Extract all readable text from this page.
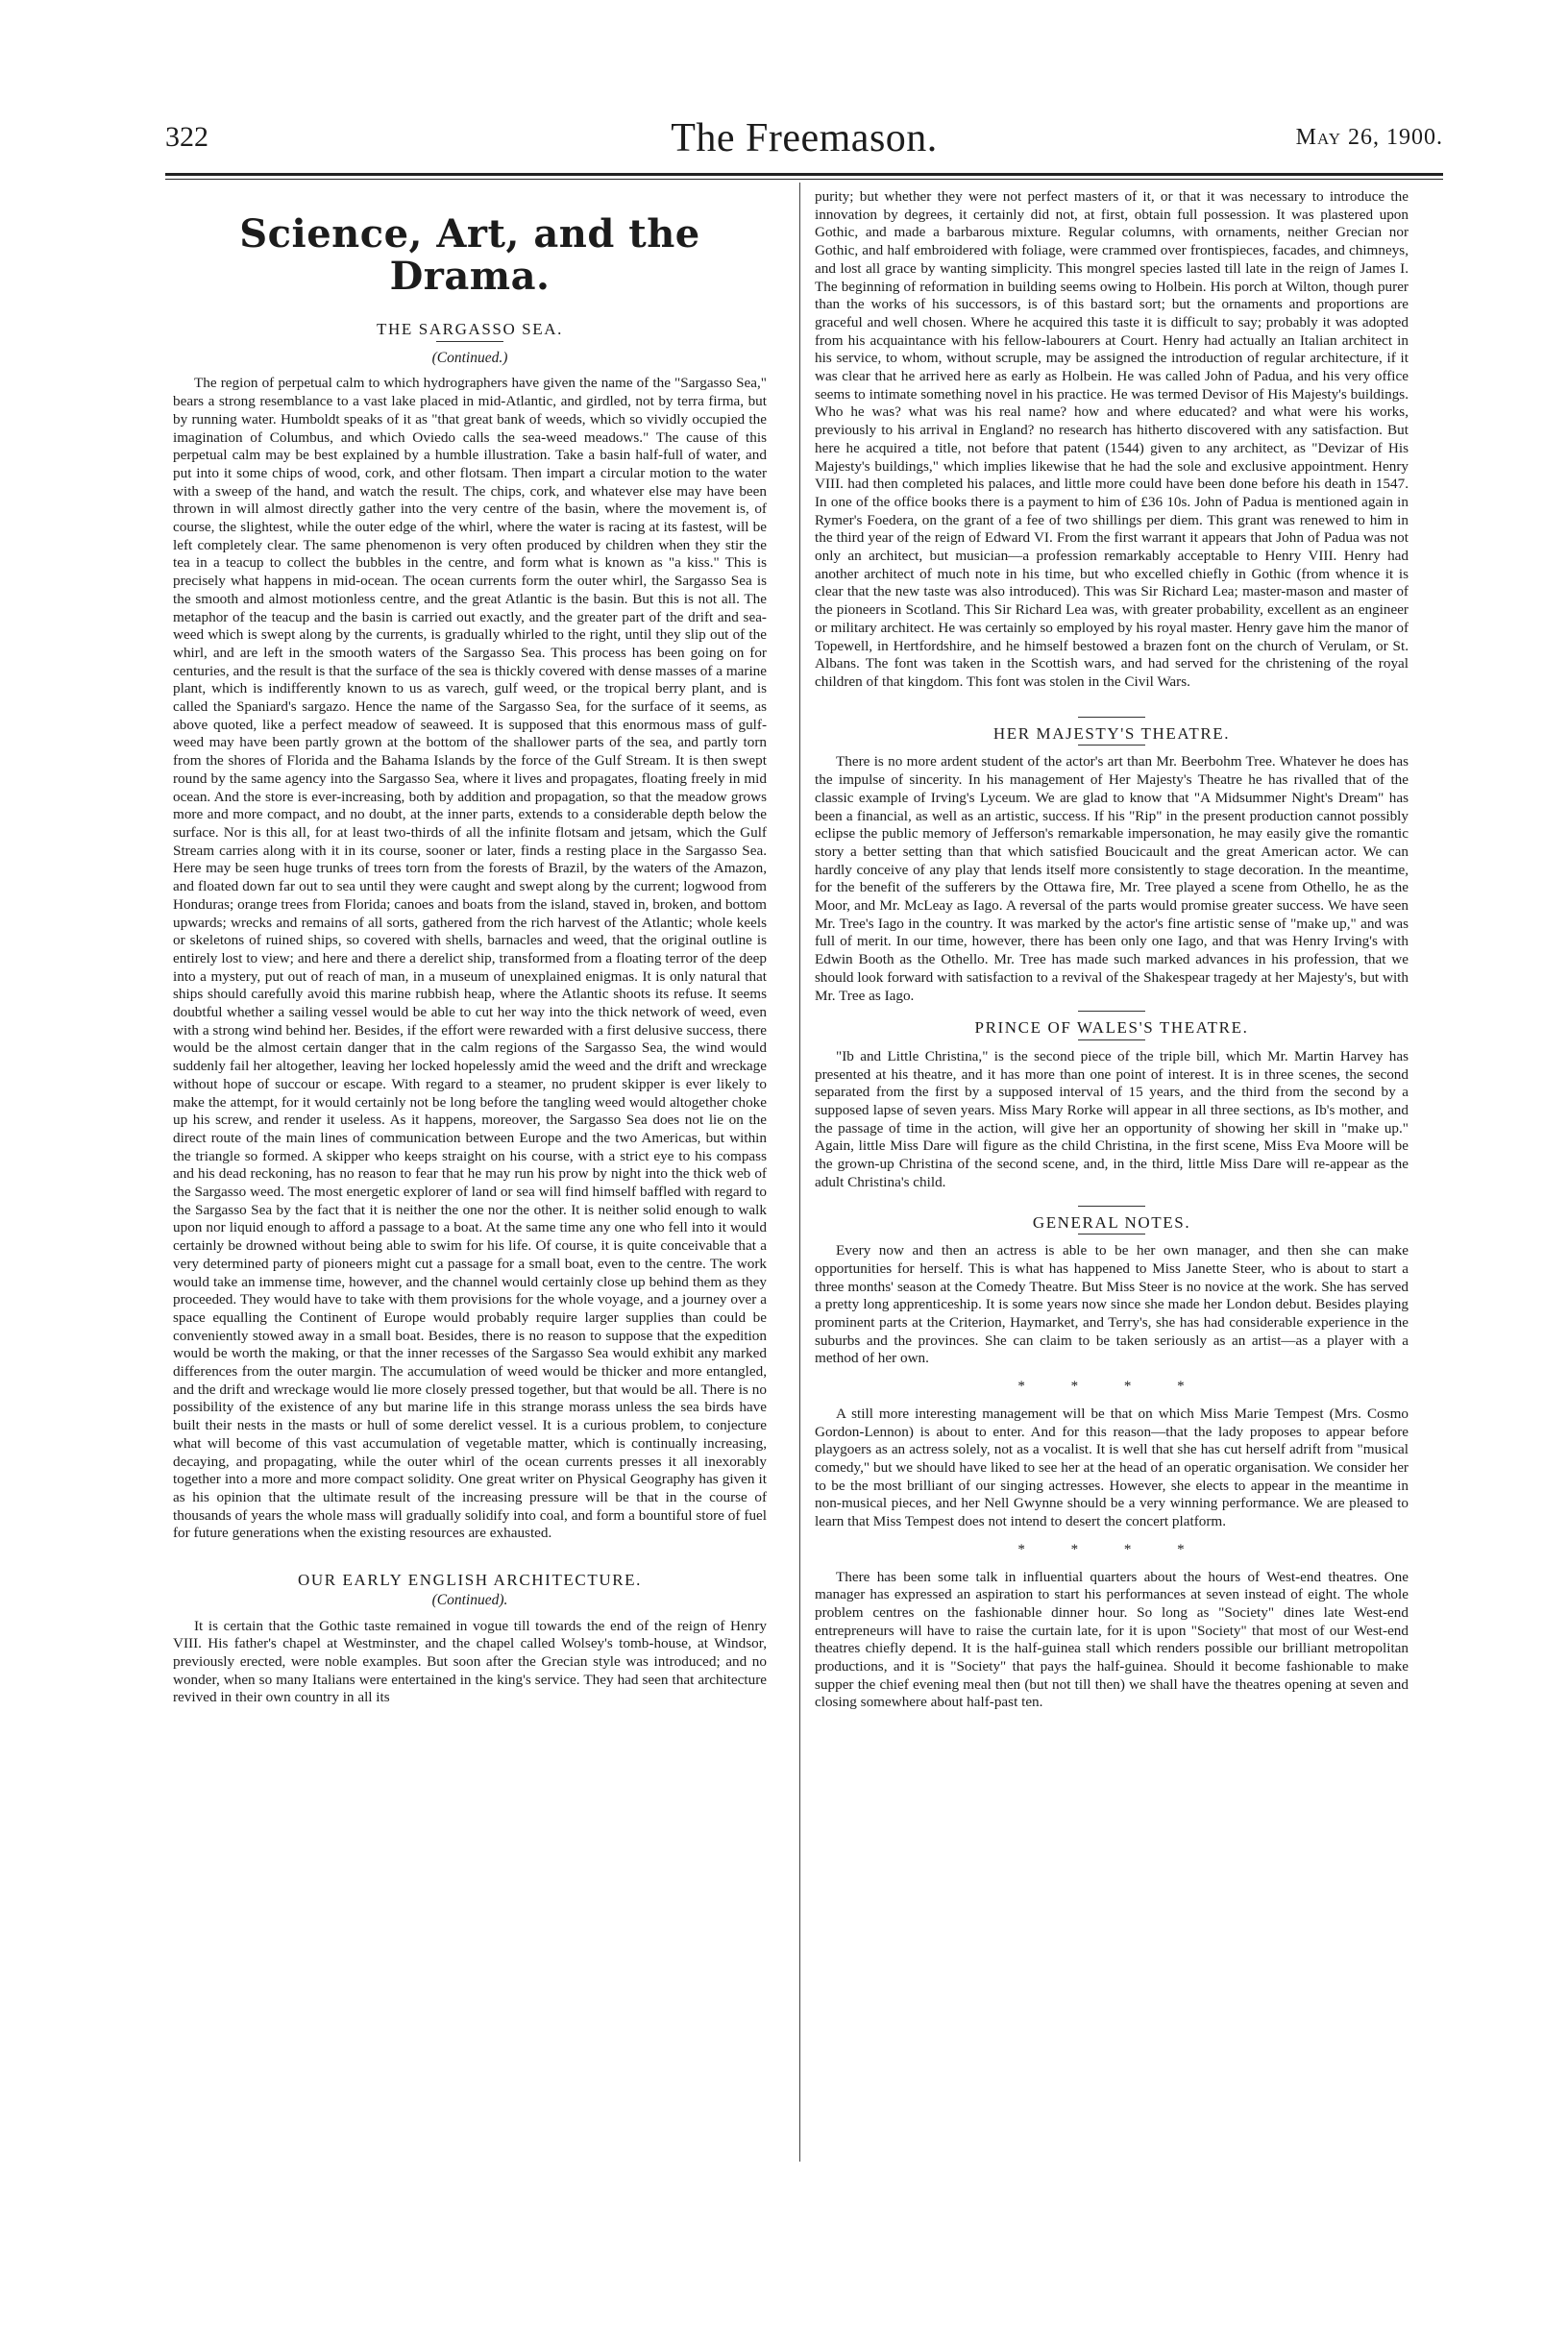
322	The Freemason.	May 26, 1900.
Science, Art, and the Drama.
THE SARGASSO SEA.
(Continued.)

The region of perpetual calm to which hydrographers have given the name of the "Sargasso Sea," bears a strong resemblance to a vast lake placed in mid-Atlantic, and girdled, not by terra firma, but by running water. Humboldt speaks of it as "that great bank of weeds, which so vividly occupied the imagination of Columbus, and which Oviedo calls the sea-weed meadows." The cause of this perpetual calm may be best explained by a humble illustration. Take a basin half-full of water, and put into it some chips of wood, cork, and other flotsam. Then impart a circular motion to the water with a sweep of the hand, and watch the result. The chips, cork, and whatever else may have been thrown in will almost directly gather into the very centre of the basin, where the movement is, of course, the slightest, while the outer edge of the whirl, where the water is racing at its fastest, will be left completely clear. The same phenomenon is very often produced by children when they stir the tea in a teacup to collect the bubbles in the centre, and form what is known as "a kiss." This is precisely what happens in mid-ocean. The ocean currents form the outer whirl, the Sargasso Sea is the smooth and almost motionless centre, and the great Atlantic is the basin. But this is not all. The metaphor of the teacup and the basin is carried out exactly, and the greater part of the drift and sea-weed which is swept along by the currents, is gradually whirled to the right, until they slip out of the whirl, and are left in the smooth waters of the Sargasso Sea. This process has been going on for centuries, and the result is that the surface of the sea is thickly covered with dense masses of a marine plant, which is indifferently known to us as varech, gulf weed, or the tropical berry plant, and is called the Spaniard's sargazo. Hence the name of the Sargasso Sea, for the surface of it seems, as above quoted, like a perfect meadow of seaweed. It is supposed that this enormous mass of gulf-weed may have been partly grown at the bottom of the shallower parts of the sea, and partly torn from the shores of Florida and the Bahama Islands by the force of the Gulf Stream. It is then swept round by the same agency into the Sargasso Sea, where it lives and propagates, floating freely in mid ocean. And the store is ever-increasing, both by addition and propagation, so that the meadow grows more and more compact, and no doubt, at the inner parts, extends to a considerable depth below the surface. Nor is this all, for at least two-thirds of all the infinite flotsam and jetsam, which the Gulf Stream carries along with it in its course, sooner or later, finds a resting place in the Sargasso Sea. Here may be seen huge trunks of trees torn from the forests of Brazil, by the waters of the Amazon, and floated down far out to sea until they were caught and swept along by the current; logwood from Honduras; orange trees from Florida; canoes and boats from the island, staved in, broken, and bottom upwards; wrecks and remains of all sorts, gathered from the rich harvest of the Atlantic; whole keels or skeletons of ruined ships, so covered with shells, barnacles and weed, that the original outline is entirely lost to view; and here and there a derelict ship, transformed from a floating terror of the deep into a mystery, put out of reach of man, in a museum of unexplained enigmas. It is only natural that ships should carefully avoid this marine rubbish heap, where the Atlantic shoots its refuse. It seems doubtful whether a sailing vessel would be able to cut her way into the thick network of weed, even with a strong wind behind her. Besides, if the effort were rewarded with a first delusive success, there would be the almost certain danger that in the calm regions of the Sargasso Sea, the wind would suddenly fail her altogether, leaving her locked hopelessly amid the weed and the drift and wreckage without hope of succour or escape. With regard to a steamer, no prudent skipper is ever likely to make the attempt, for it would certainly not be long before the tangling weed would altogether choke up his screw, and render it useless. As it happens, moreover, the Sargasso Sea does not lie on the direct route of the main lines of communication between Europe and the two Americas, but within the triangle so formed. A skipper who keeps straight on his course, with a strict eye to his compass and his dead reckoning, has no reason to fear that he may run his prow by night into the thick web of the Sargasso weed. The most energetic explorer of land or sea will find himself baffled with regard to the Sargasso Sea by the fact that it is neither the one nor the other. It is neither solid enough to walk upon nor liquid enough to afford a passage to a boat. At the same time any one who fell into it would certainly be drowned without being able to swim for his life. Of course, it is quite conceivable that a very determined party of pioneers might cut a passage for a small boat, even to the centre. The work would take an immense time, however, and the channel would certainly close up behind them as they proceeded. They would have to take with them provisions for the whole voyage, and a journey over a space equalling the Continent of Europe would probably require larger supplies than could be conveniently stowed away in a small boat. Besides, there is no reason to suppose that the expedition would be worth the making, or that the inner recesses of the Sargasso Sea would exhibit any marked differences from the outer margin. The accumulation of weed would be thicker and more entangled, and the drift and wreckage would lie more closely pressed together, but that would be all. There is no possibility of the existence of any but marine life in this strange morass unless the sea birds have built their nests in the masts or hull of some derelict vessel. It is a curious problem, to conjecture what will become of this vast accumulation of vegetable matter, which is continually increasing, decaying, and propagating, while the outer whirl of the ocean currents presses it all inexorably together into a more and more compact solidity. One great writer on Physical Geography has given it as his opinion that the ultimate result of the increasing pressure will be that in the course of thousands of years the whole mass will gradually solidify into coal, and form a bountiful store of fuel for future generations when the existing resources are exhausted.

OUR EARLY ENGLISH ARCHITECTURE.
(Continued).

It is certain that the Gothic taste remained in vogue till towards the end of the reign of Henry VIII. His father's chapel at Westminster, and the chapel called Wolsey's tomb-house, at Windsor, previously erected, were noble examples. But soon after the Grecian style was introduced; and no wonder, when so many Italians were entertained in the king's service. They had seen that architecture revived in their own country in all its

purity; but whether they were not perfect masters of it, or that it was necessary to introduce the innovation by degrees, it certainly did not, at first, obtain full possession. It was plastered upon Gothic, and made a barbarous mixture. Regular columns, with ornaments, neither Grecian nor Gothic, and half embroidered with foliage, were crammed over frontispieces, facades, and chimneys, and lost all grace by wanting simplicity. This mongrel species lasted till late in the reign of James I. The beginning of reformation in building seems owing to Holbein. His porch at Wilton, though purer than the works of his successors, is of this bastard sort; but the ornaments and proportions are graceful and well chosen. Where he acquired this taste it is difficult to say; probably it was adopted from his acquaintance with his fellow-labourers at Court. Henry had actually an Italian architect in his service, to whom, without scruple, may be assigned the introduction of regular architecture, if it was clear that he arrived here as early as Holbein. He was called John of Padua, and his very office seems to intimate something novel in his practice. He was termed Devisor of His Majesty's buildings. Who he was? what was his real name? how and where educated? and what were his works, previously to his arrival in England? no research has hitherto discovered with any satisfaction. But here he acquired a title, not before that patent (1544) given to any architect, as "Devizar of His Majesty's buildings," which implies likewise that he had the sole and exclusive appointment. Henry VIII. had then completed his palaces, and little more could have been done before his death in 1547. In one of the office books there is a payment to him of £36 10s. John of Padua is mentioned again in Rymer's Foedera, on the grant of a fee of two shillings per diem. This grant was renewed to him in the third year of the reign of Edward VI. From the first warrant it appears that John of Padua was not only an architect, but musician—a profession remarkably acceptable to Henry VIII. Henry had another architect of much note in his time, but who excelled chiefly in Gothic (from whence it is clear that the new taste was also introduced). This was Sir Richard Lea; master-mason and master of the pioneers in Scotland. This Sir Richard Lea was, with greater probability, excellent as an engineer or military architect. He was certainly so employed by his royal master. Henry gave him the manor of Topewell, in Hertfordshire, and he himself bestowed a brazen font on the church of Verulam, or St. Albans. The font was taken in the Scottish wars, and had served for the christening of the royal children of that kingdom. This font was stolen in the Civil Wars.

HER MAJESTY'S THEATRE.

There is no more ardent student of the actor's art than Mr. Beerbohm Tree. Whatever he does has the impulse of sincerity. In his management of Her Majesty's Theatre he has rivalled that of the classic example of Irving's Lyceum. We are glad to know that "A Midsummer Night's Dream" has been a financial, as well as an artistic, success. If his "Rip" in the present production cannot possibly eclipse the public memory of Jefferson's remarkable impersonation, he may easily give the romantic story a better setting than that which satisfied Boucicault and the great American actor. We can hardly conceive of any play that lends itself more consistently to stage decoration. In the meantime, for the benefit of the sufferers by the Ottawa fire, Mr. Tree played a scene from Othello, he as the Moor, and Mr. McLeay as Iago. A reversal of the parts would promise greater success. We have seen Mr. Tree's Iago in the country. It was marked by the actor's fine artistic sense of "make up," and was full of merit. In our time, however, there has been only one Iago, and that was Henry Irving's with Edwin Booth as the Othello. Mr. Tree has made such marked advances in his profession, that we should look forward with satisfaction to a revival of the Shakespear tragedy at her Majesty's, but with Mr. Tree as Iago.

PRINCE OF WALES'S THEATRE.

"Ib and Little Christina," is the second piece of the triple bill, which Mr. Martin Harvey has presented at his theatre, and it has more than one point of interest. It is in three scenes, the second separated from the first by a supposed interval of 15 years, and the third from the second by a supposed lapse of seven years. Miss Mary Rorke will appear in all three sections, as Ib's mother, and the passage of time in the action, will give her an opportunity of showing her skill in "make up." Again, little Miss Dare will figure as the child Christina, in the first scene, Miss Eva Moore will be the grown-up Christina of the second scene, and, in the third, little Miss Dare will re-appear as the adult Christina's child.

GENERAL NOTES.

Every now and then an actress is able to be her own manager, and then she can make opportunities for herself. This is what has happened to Miss Janette Steer, who is about to start a three months' season at the Comedy Theatre. But Miss Steer is no novice at the work. She has served a pretty long apprenticeship. It is some years now since she made her London debut. Besides playing prominent parts at the Criterion, Haymarket, and Terry's, she has had considerable experience in the suburbs and the provinces. She can claim to be taken seriously as an artist—as a player with a method of her own.

* * * *

A still more interesting management will be that on which Miss Marie Tempest (Mrs. Cosmo Gordon-Lennon) is about to enter. And for this reason—that the lady proposes to appear before playgoers as an actress solely, not as a vocalist. It is well that she has cut herself adrift from "musical comedy," but we should have liked to see her at the head of an operatic organisation. We consider her to be the most brilliant of our singing actresses. However, she elects to appear in the meantime in non-musical pieces, and her Nell Gwynne should be a very winning performance. We are pleased to learn that Miss Tempest does not intend to desert the concert platform.

* * * *

There has been some talk in influential quarters about the hours of West-end theatres. One manager has expressed an aspiration to start his performances at seven instead of eight. The whole problem centres on the fashionable dinner hour. So long as "Society" dines late West-end entrepreneurs will have to raise the curtain late, for it is upon "Society" that most of our West-end theatres chiefly depend. It is the half-guinea stall which renders possible our brilliant metropolitan productions, and it is "Society" that pays the half-guinea. Should it become fashionable to make supper the chief evening meal then (but not till then) we shall have the theatres opening at seven and closing somewhere about half-past ten.
